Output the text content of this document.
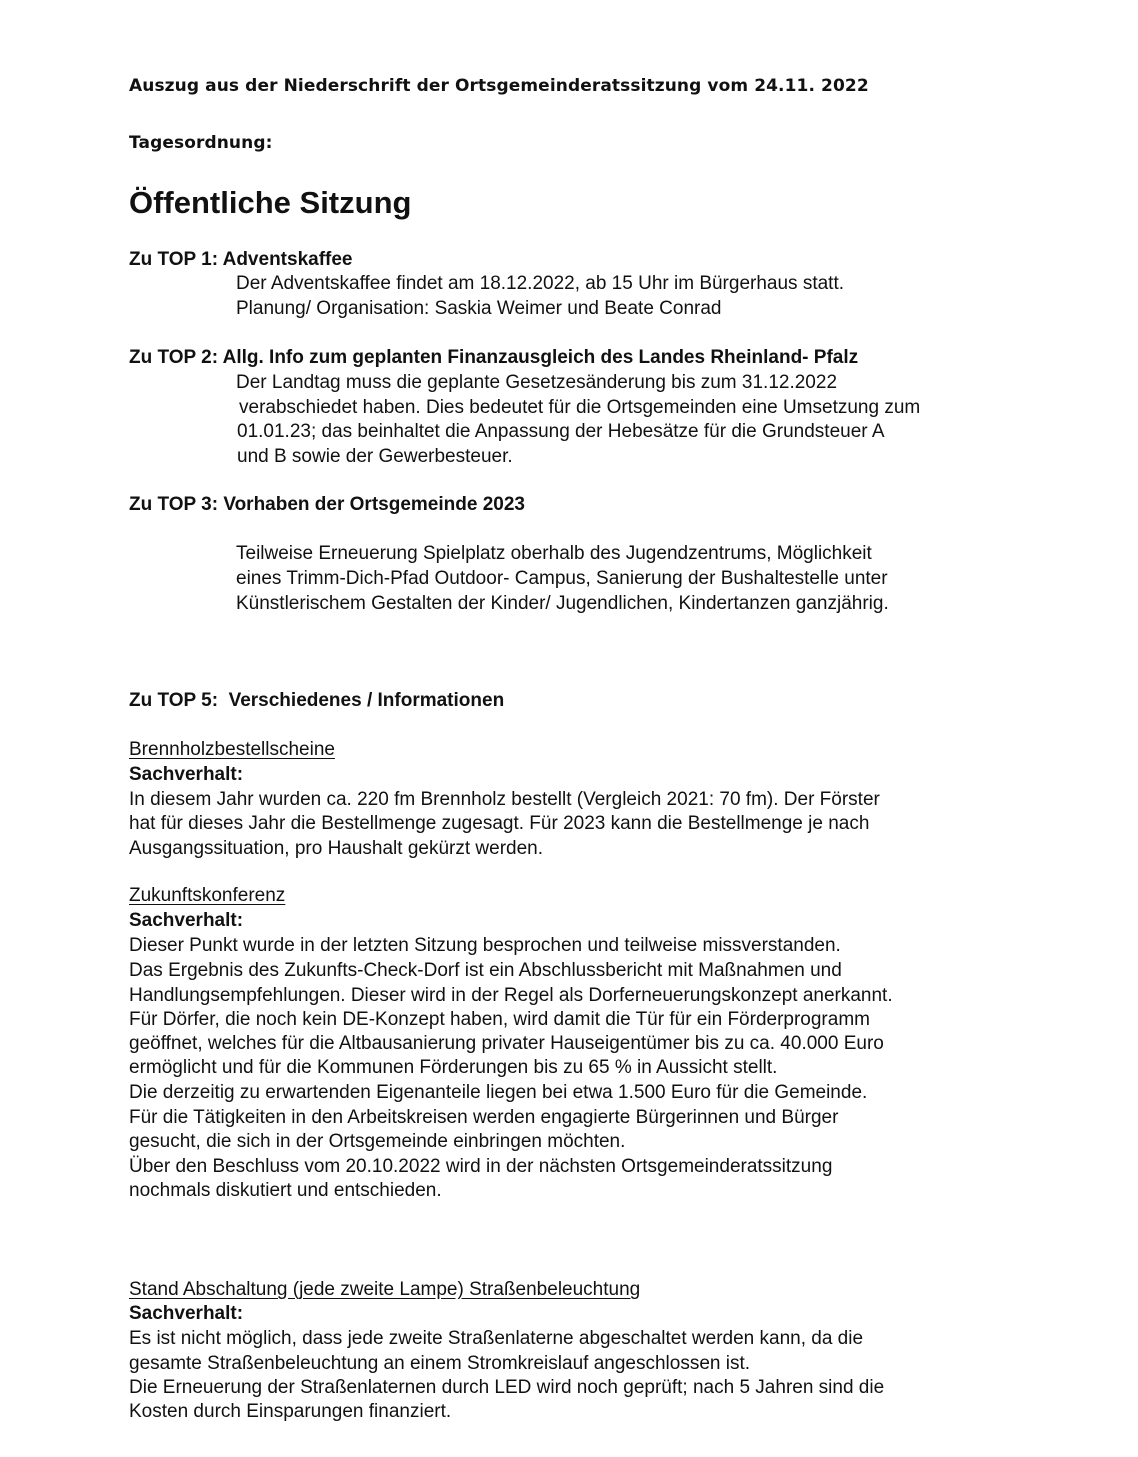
Auszug aus der Niederschrift der Ortsgemeinderatssitzung vom 24.11. 2022
Tagesordnung:
Öffentliche Sitzung
Zu TOP 1: Adventskaffee
Der Adventskaffee findet am 18.12.2022, ab 15 Uhr im Bürgerhaus statt.
Planung/ Organisation: Saskia Weimer und Beate Conrad
Zu TOP 2: Allg. Info zum geplanten Finanzausgleich des Landes Rheinland- Pfalz
Der Landtag muss die geplante Gesetzesänderung bis zum 31.12.2022
verabschiedet haben. Dies bedeutet für die Ortsgemeinden eine Umsetzung zum
01.01.23; das beinhaltet die Anpassung der Hebesätze für die Grundsteuer A
und B sowie der Gewerbesteuer.
Zu TOP 3: Vorhaben der Ortsgemeinde 2023
Teilweise Erneuerung Spielplatz oberhalb des Jugendzentrums, Möglichkeit
eines Trimm-Dich-Pfad Outdoor- Campus, Sanierung der Bushaltestelle unter
Künstlerischem Gestalten der Kinder/ Jugendlichen, Kindertanzen ganzjährig.
Zu TOP 5:  Verschiedenes / Informationen
Brennholzbestellscheine
Sachverhalt:
In diesem Jahr wurden ca. 220 fm Brennholz bestellt (Vergleich 2021: 70 fm). Der Förster
hat für dieses Jahr die Bestellmenge zugesagt. Für 2023 kann die Bestellmenge je nach
Ausgangssituation, pro Haushalt gekürzt werden.
Zukunftskonferenz
Sachverhalt:
Dieser Punkt wurde in der letzten Sitzung besprochen und teilweise missverstanden.
Das Ergebnis des Zukunfts-Check-Dorf ist ein Abschlussbericht mit Maßnahmen und
Handlungsempfehlungen. Dieser wird in der Regel als Dorferneuerungskonzept anerkannt.
Für Dörfer, die noch kein DE-Konzept haben, wird damit die Tür für ein Förderprogramm
geöffnet, welches für die Altbausanierung privater Hauseigentümer bis zu ca. 40.000 Euro
ermöglicht und für die Kommunen Förderungen bis zu 65 % in Aussicht stellt.
Die derzeitig zu erwartenden Eigenanteile liegen bei etwa 1.500 Euro für die Gemeinde.
Für die Tätigkeiten in den Arbeitskreisen werden engagierte Bürgerinnen und Bürger
gesucht, die sich in der Ortsgemeinde einbringen möchten.
Über den Beschluss vom 20.10.2022 wird in der nächsten Ortsgemeinderatssitzung
nochmals diskutiert und entschieden.
Stand Abschaltung (jede zweite Lampe) Straßenbeleuchtung
Sachverhalt:
Es ist nicht möglich, dass jede zweite Straßenlaterne abgeschaltet werden kann, da die
gesamte Straßenbeleuchtung an einem Stromkreislauf angeschlossen ist.
Die Erneuerung der Straßenlaternen durch LED wird noch geprüft; nach 5 Jahren sind die
Kosten durch Einsparungen finanziert.
